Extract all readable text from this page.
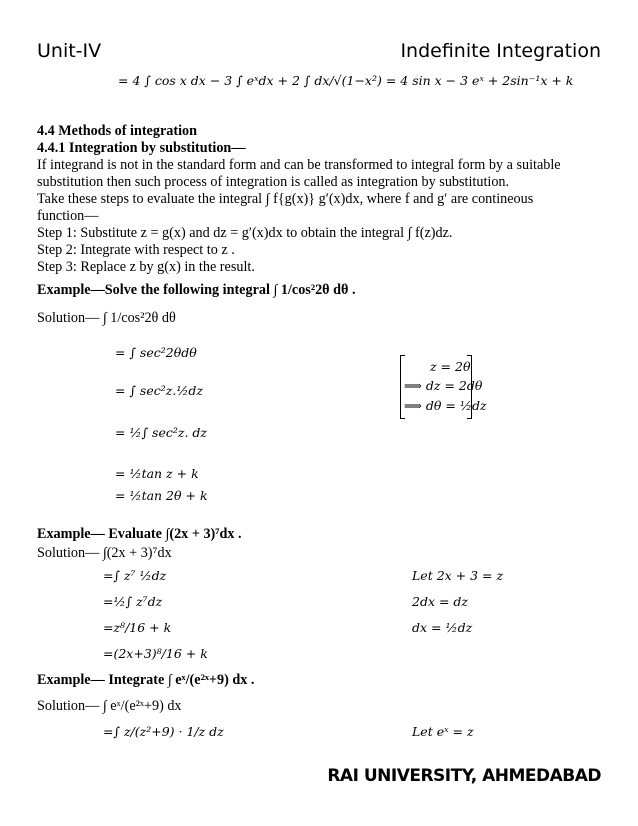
Unit-IV	Indefinite Integration
= 4 ∫ cos x dx − 3 ∫ eˣdx + 2 ∫ dx/√(1−x²) = 4 sin x − 3 eˣ + 2sin⁻¹x + k
4.4 Methods of integration
4.4.1 Integration by substitution—
If integrand is not in the standard form and can be transformed to integral form by a suitable
substitution then such process of integration is called as integration by substitution.
Take these steps to evaluate the integral ∫ f{g(x)} g′(x)dx, where f and g′ are contineous
function—
Step 1: Substitute z = g(x) and dz = g′(x)dx to obtain the integral ∫ f(z)dz.
Step 2: Integrate with respect to z .
Step 3: Replace z by g(x) in the result.
Example—Solve the following integral ∫ 1/cos²2θ dθ .
Solution— ∫ 1/cos²2θ dθ
= ∫ sec²2θdθ
= ∫ sec²z.½dz
= ½∫ sec²z. dz
= ½tan z + k
= ½tan 2θ + k
z = 2θ
⟹ dz = 2dθ
⟹ dθ = ½dz
Example— Evaluate ∫(2x + 3)⁷dx .
Solution— ∫(2x + 3)⁷dx
=∫ z⁷ ½dz
=½∫ z⁷dz
=z⁸/16 + k
=(2x+3)⁸/16 + k
Let 2x + 3 = z
2dx = dz
dx = ½dz
Example— Integrate ∫ eˣ/(e²ˣ+9) dx .
Solution— ∫ eˣ/(e²ˣ+9) dx
=∫ z/(z²+9) · 1/z dz	Let eˣ = z
RAI UNIVERSITY, AHMEDABAD
